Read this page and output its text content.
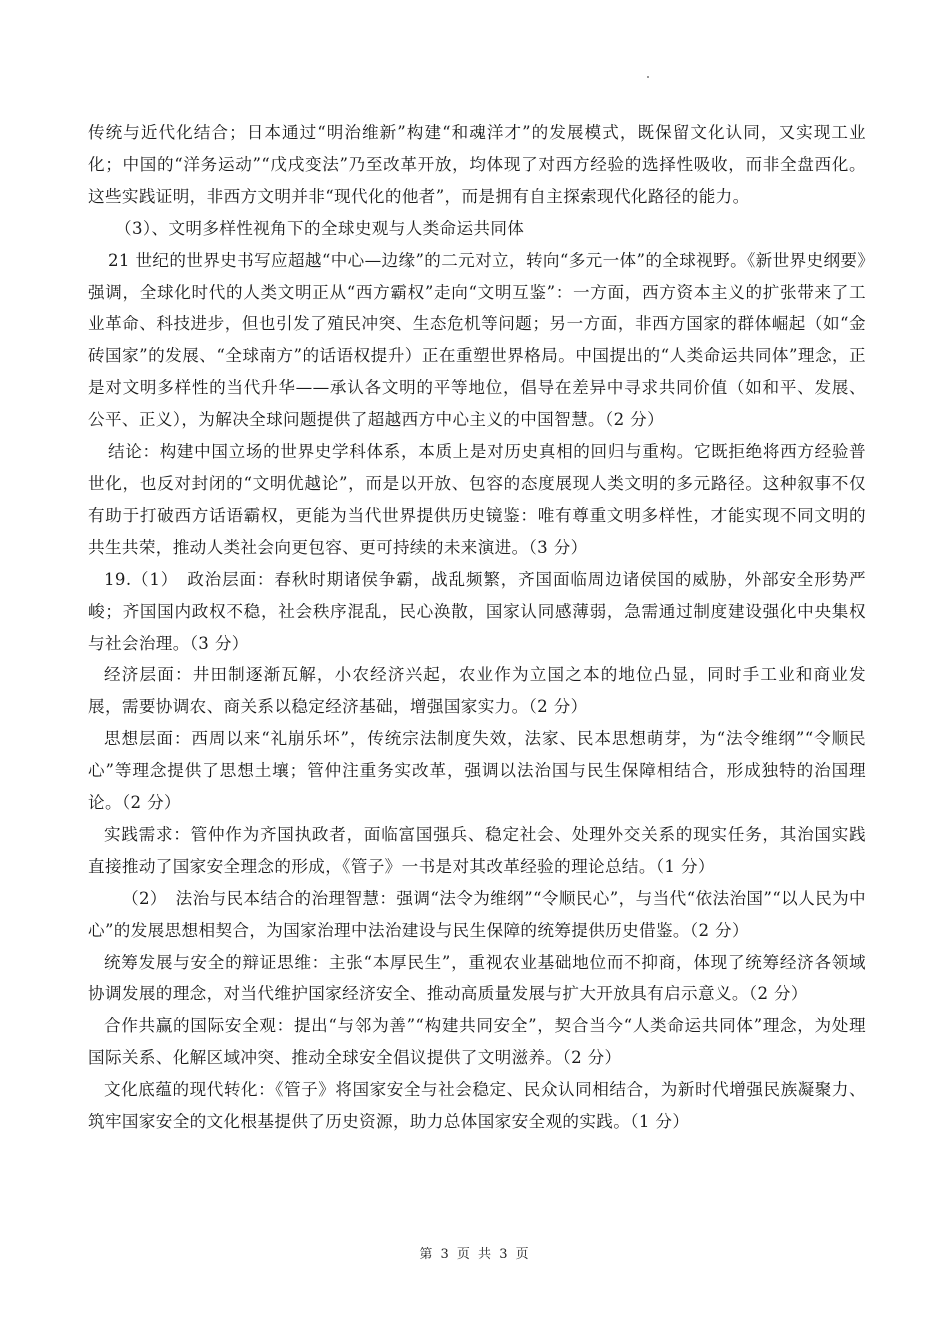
传统与近代化结合；日本通过“明治维新”构建“和魂洋才”的发展模式，既保留文化认同，又实现工业化；中国的“洋务运动”“戊戌变法”乃至改革开放，均体现了对西方经验的选择性吸收，而非全盘西化。这些实践证明，非西方文明并非“现代化的他者”，而是拥有自主探索现代化路径的能力。

（3）、文明多样性视角下的全球史观与人类命运共同体

21 世纪的世界史书写应超越“中心—边缘”的二元对立，转向“多元一体”的全球视野。《新世界史纲要》强调，全球化时代的人类文明正从“西方霸权”走向“文明互鉴”：一方面，西方资本主义的扩张带来了工业革命、科技进步，但也引发了殖民冲突、生态危机等问题；另一方面，非西方国家的群体崛起（如“金砖国家”的发展、“全球南方”的话语权提升）正在重塑世界格局。中国提出的“人类命运共同体”理念，正是对文明多样性的当代升华——承认各文明的平等地位，倡导在差异中寻求共同价值（如和平、发展、公平、正义），为解决全球问题提供了超越西方中心主义的中国智慧。（2 分）

结论：构建中国立场的世界史学科体系，本质上是对历史真相的回归与重构。它既拒绝将西方经验普世化，也反对封闭的“文明优越论”，而是以开放、包容的态度展现人类文明的多元路径。这种叙事不仅有助于打破西方话语霸权，更能为当代世界提供历史镜鉴：唯有尊重文明多样性，才能实现不同文明的共生共荣，推动人类社会向更包容、更可持续的未来演进。（3 分）

19.（1）　政治层面：春秋时期诸侯争霸，战乱频繁，齐国面临周边诸侯国的威胁，外部安全形势严峻；齐国国内政权不稳，社会秩序混乱，民心涣散，国家认同感薄弱，急需通过制度建设强化中央集权与社会治理。（3 分）

经济层面：井田制逐渐瓦解，小农经济兴起，农业作为立国之本的地位凸显，同时手工业和商业发展，需要协调农、商关系以稳定经济基础，增强国家实力。（2 分）

思想层面：西周以来“礼崩乐坏”，传统宗法制度失效，法家、民本思想萌芽，为“法令维纲”“令顺民心”等理念提供了思想土壤；管仲注重务实改革，强调以法治国与民生保障相结合，形成独特的治国理论。（2 分）

实践需求：管仲作为齐国执政者，面临富国强兵、稳定社会、处理外交关系的现实任务，其治国实践直接推动了国家安全理念的形成，《管子》一书是对其改革经验的理论总结。（1 分）

（2）　法治与民本结合的治理智慧：强调“法令为维纲”“令顺民心”，与当代“依法治国”“以人民为中心”的发展思想相契合，为国家治理中法治建设与民生保障的统筹提供历史借鉴。（2 分）

统筹发展与安全的辩证思维：主张“本厚民生”，重视农业基础地位而不抑商，体现了统筹经济各领域协调发展的理念，对当代维护国家经济安全、推动高质量发展与扩大开放具有启示意义。（2 分）

合作共赢的国际安全观：提出“与邻为善”“构建共同安全”，契合当今“人类命运共同体”理念，为处理国际关系、化解区域冲突、推动全球安全倡议提供了文明滋养。（2 分）

文化底蕴的现代转化：《管子》将国家安全与社会稳定、民众认同相结合，为新时代增强民族凝聚力、筑牢国家安全的文化根基提供了历史资源，助力总体国家安全观的实践。（1 分）

第 3 页 共 3 页
